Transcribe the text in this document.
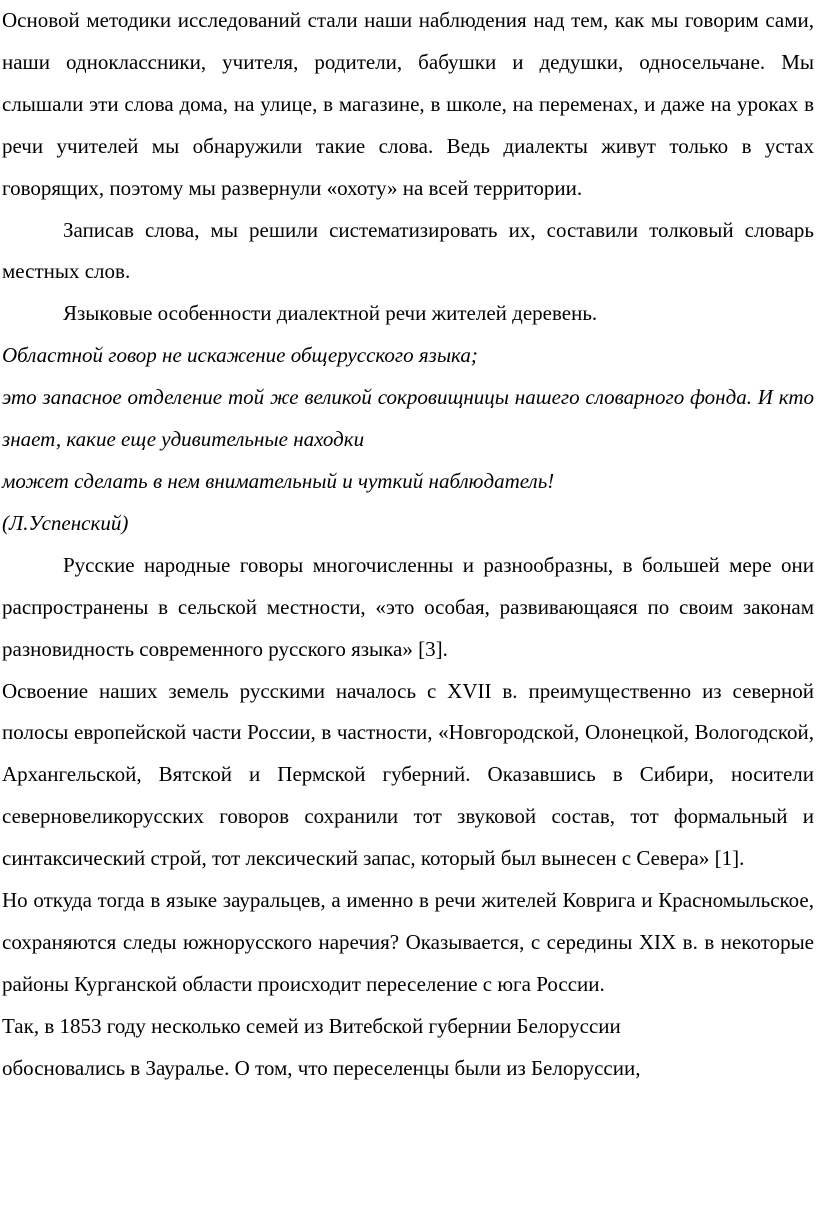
Основой методики исследований стали наши наблюдения над тем, как мы говорим сами, наши одноклассники, учителя, родители, бабушки и дедушки, односельчане. Мы слышали эти слова дома, на улице, в магазине, в школе, на переменах, и даже на уроках в речи учителей мы обнаружили такие слова. Ведь диалекты живут только в устах говорящих, поэтому мы развернули «охоту» на всей территории.

Записав слова, мы решили систематизировать их, составили толковый словарь местных слов.

Языковые особенности диалектной речи жителей деревень.

Областной говор не искажение общерусского языка;

это запасное отделение той же великой сокровищницы нашего словарного фонда. И кто знает, какие еще удивительные находки

может сделать в нем внимательный и чуткий наблюдатель!

(Л.Успенский)

Русские народные говоры многочисленны и разнообразны, в большей мере они распространены в сельской местности, «это особая, развивающаяся по своим законам разновидность современного русского языка» [3].

Освоение наших земель русскими началось с XVII в. преимущественно из северной полосы европейской части России, в частности, «Новгородской, Олонецкой, Вологодской, Архангельской, Вятской и Пермской губерний. Оказавшись в Сибири, носители северновеликорусских говоров сохранили тот звуковой состав, тот формальный и синтаксический строй, тот лексический запас, который был вынесен с Севера» [1].

Но откуда тогда в языке зауральцев, а именно в речи жителей Коврига и Красномыльское, сохраняются следы южнорусского наречия? Оказывается, с середины XIX в. в некоторые районы Курганской области происходит переселение с юга России.

Так, в 1853 году несколько семей из Витебской губернии Белоруссии

обосновались в Зауралье. О том, что переселенцы были из Белоруссии,
